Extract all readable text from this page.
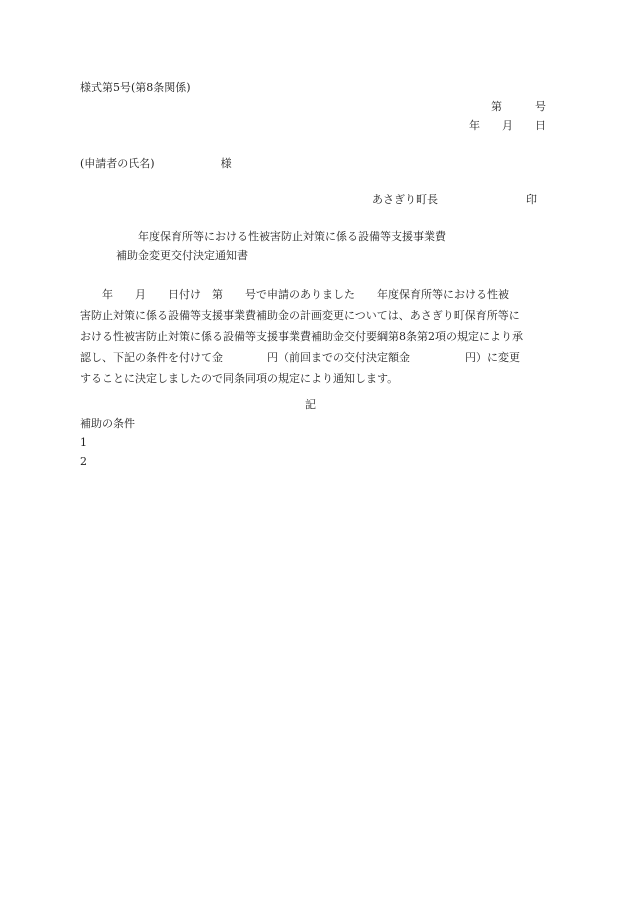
様式第5号(第8条関係)
第　　　号
年　　月　　日
(申請者の氏名)　　　　　　様
あさぎり町長　　　　　　　　印
年度保育所等における性被害防止対策に係る設備等支援事業費
補助金変更交付決定通知書
　　年　　月　　日付け　第　　号で申請のありました　　年度保育所等における性被
害防止対策に係る設備等支援事業費補助金の計画変更については、あさぎり町保育所等に
おける性被害防止対策に係る設備等支援事業費補助金交付要綱第8条第2項の規定により承
認し、下記の条件を付けて金　　　　円（前回までの交付決定額金　　　　　円）に変更
することに決定しましたので同条同項の規定により通知します。
記
補助の条件
1
2
